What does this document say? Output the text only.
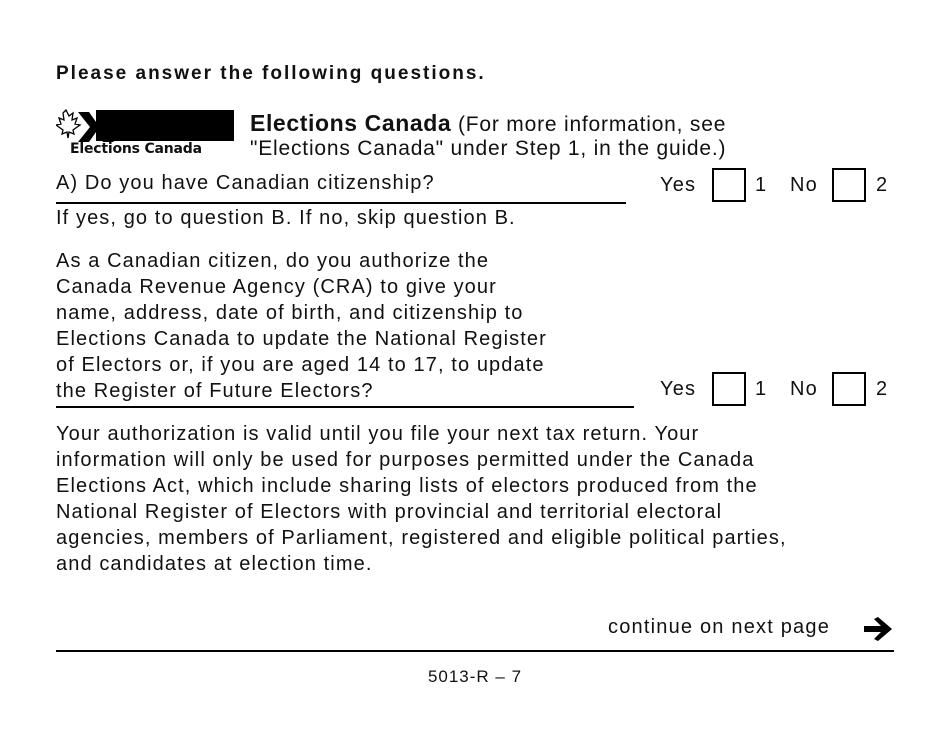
Please answer the following questions.
Elections Canada
Elections Canada (For more information, see
"Elections Canada" under Step 1, in the guide.)
A) Do you have Canadian citizenship?	Yes	1 No	2
If yes, go to question B. If no, skip question B.
As a Canadian citizen, do you authorize the
Canada Revenue Agency (CRA) to give your
name, address, date of birth, and citizenship to
Elections Canada to update the National Register
of Electors or, if you are aged 14 to 17, to update
the Register of Future Electors?	Yes	1 No	2
Your authorization is valid until you file your next tax return. Your
information will only be used for purposes permitted under the Canada
Elections Act, which include sharing lists of electors produced from the
National Register of Electors with provincial and territorial electoral
agencies, members of Parliament, registered and eligible political parties,
and candidates at election time.
continue on next page
5013-R – 7
